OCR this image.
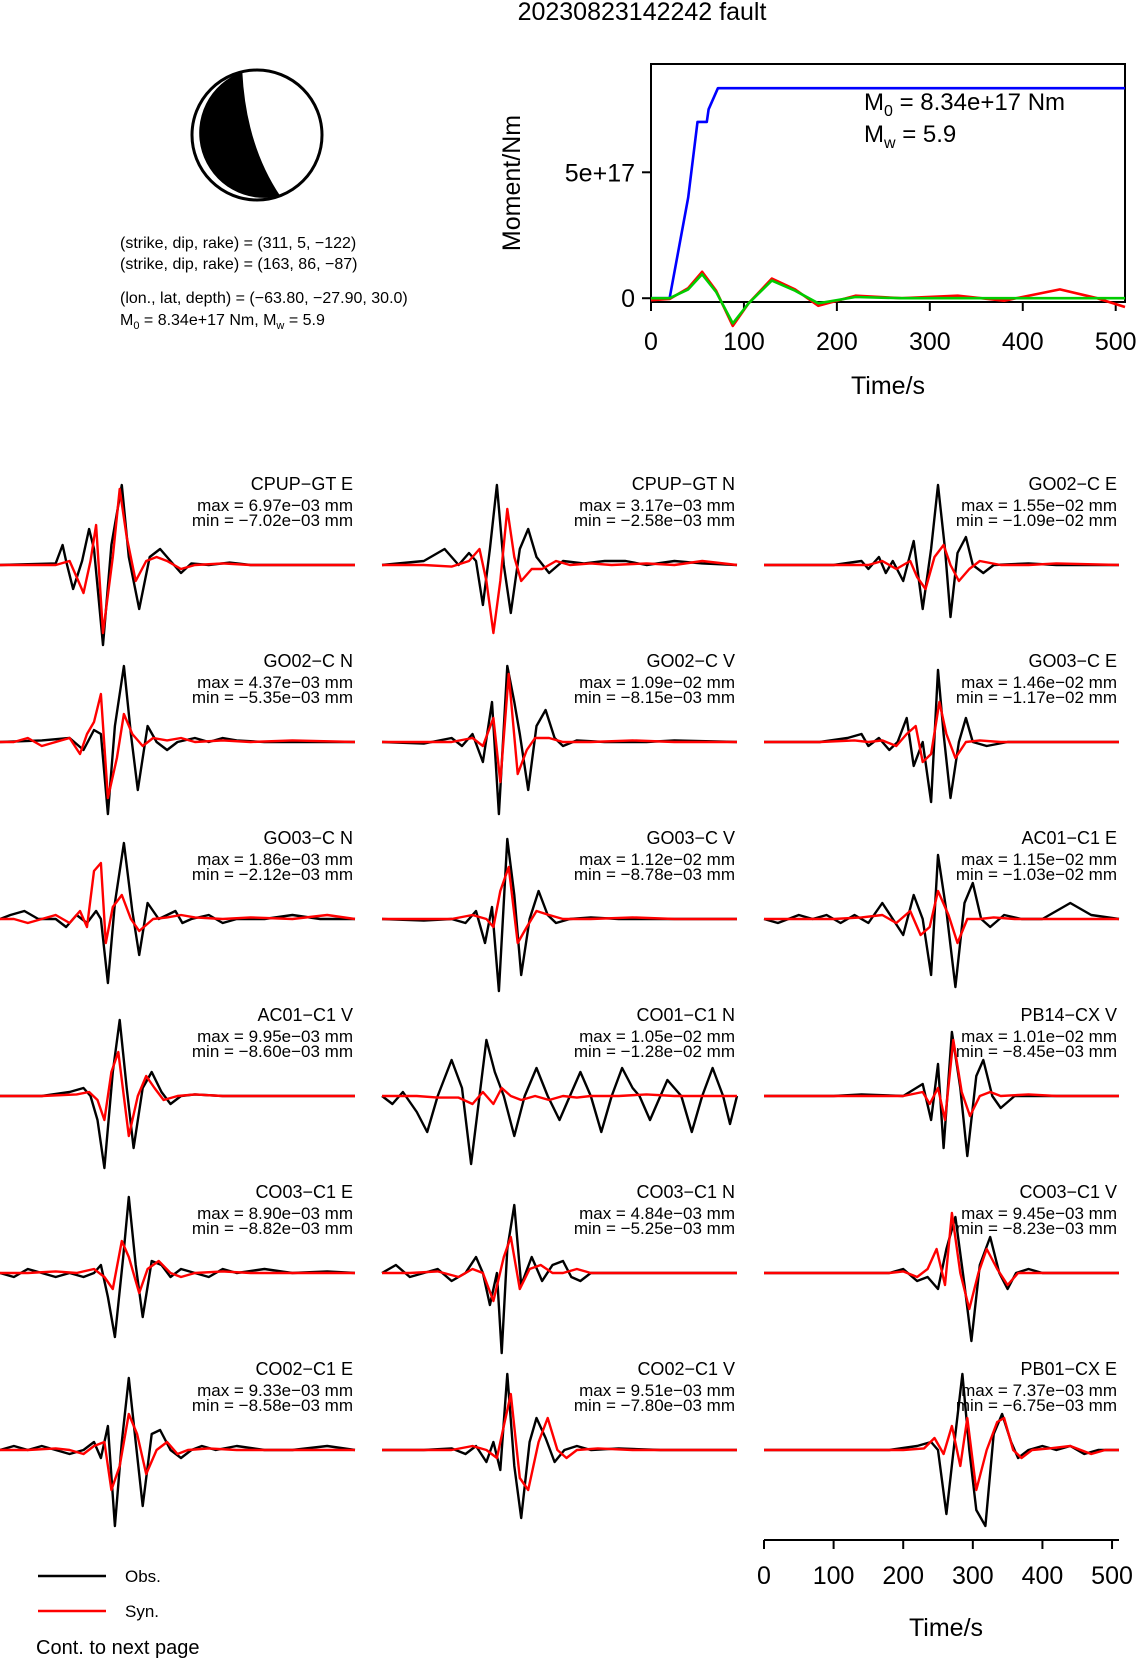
20230823142242 fault
(strike, dip, rake) = (311, 5, −122)
(strike, dip, rake) = (163, 86, −87)
(lon., lat, depth) = (−63.80, −27.90, 30.0)
$M_0 = 8.34e+17$ Nm, $M_w = 5.9$
0	100 200 300 400 500
0
5e+17
Moment/Nm
Time/s
$M_0 = 8.34e+17$ Nm
$M_w = 5.9$
CPUP−GT E
max = 6.97e−03 mm
min = −7.02e−03 mm
CPUP−GT N
max = 3.17e−03 mm
min = −2.58e−03 mm
GO02−C E
max = 1.55e−02 mm
min = −1.09e−02 mm
GO02−C N
max = 4.37e−03 mm
min = −5.35e−03 mm
GO02−C V
max = 1.09e−02 mm
min = −8.15e−03 mm
GO03−C E
max = 1.46e−02 mm
min = −1.17e−02 mm
GO03−C N
max = 1.86e−03 mm
min = −2.12e−03 mm
GO03−C V
max = 1.12e−02 mm
min = −8.78e−03 mm
AC01−C1 E
max = 1.15e−02 mm
min = −1.03e−02 mm
AC01−C1 V
max = 9.95e−03 mm
min = −8.60e−03 mm
CO01−C1 N
max = 1.05e−02 mm
min = −1.28e−02 mm
PB14−CX V
max = 1.01e−02 mm
min = −8.45e−03 mm
CO03−C1 E
max = 8.90e−03 mm
min = −8.82e−03 mm
CO03−C1 N
max = 4.84e−03 mm
min = −5.25e−03 mm
CO03−C1 V
max = 9.45e−03 mm
min = −8.23e−03 mm
CO02−C1 E
max = 9.33e−03 mm
min = −8.58e−03 mm
CO02−C1 V
max = 9.51e−03 mm
min = −7.80e−03 mm
PB01−CX E
max = 7.37e−03 mm
min = −6.75e−03 mm
0 100 200 300 400 500
Time/s
Obs.
Syn.
Cont. to next page
